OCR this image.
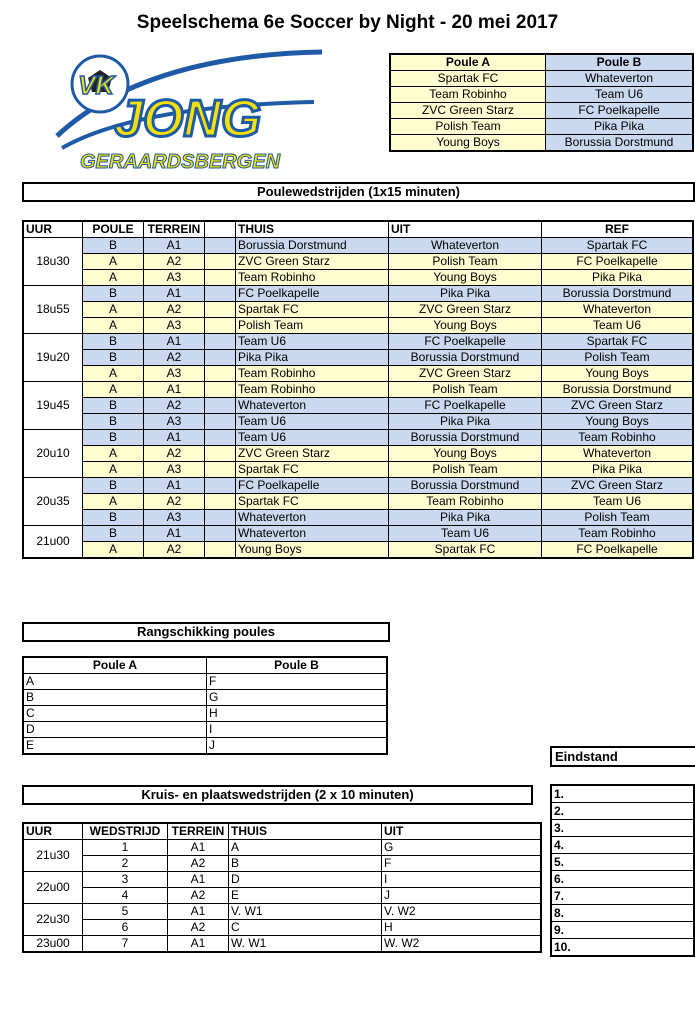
Speelschema 6e Soccer by Night - 20 mei 2017
VK
JONG
GERAARDSBERGEN
Poule A	Poule B
Spartak FC	Whateverton
Team Robinho	Team U6
ZVC Green Starz	FC Poelkapelle
Polish Team	Pika Pika
Young Boys	Borussia Dorstmund
Poulewedstrijden (1x15 minuten)
UUR	POULE	TERREIN		THUIS	UIT	REF
18u30	B	A1		Borussia Dorstmund	Whateverton	Spartak FC
	A	A2		ZVC Green Starz	Polish Team	FC Poelkapelle
	A	A3		Team Robinho	Young Boys	Pika Pika
18u55	B	A1		FC Poelkapelle	Pika Pika	Borussia Dorstmund
	A	A2		Spartak FC	ZVC Green Starz	Whateverton
	A	A3		Polish Team	Young Boys	Team U6
19u20	B	A1		Team U6	FC Poelkapelle	Spartak FC
	B	A2		Pika Pika	Borussia Dorstmund	Polish Team
	A	A3		Team Robinho	ZVC Green Starz	Young Boys
19u45	A	A1		Team Robinho	Polish Team	Borussia Dorstmund
	B	A2		Whateverton	FC Poelkapelle	ZVC Green Starz
	B	A3		Team U6	Pika Pika	Young Boys
20u10	B	A1		Team U6	Borussia Dorstmund	Team Robinho
	A	A2		ZVC Green Starz	Young Boys	Whateverton
	A	A3		Spartak FC	Polish Team	Pika Pika
20u35	B	A1		FC Poelkapelle	Borussia Dorstmund	ZVC Green Starz
	A	A2		Spartak FC	Team Robinho	Team U6
	B	A3		Whateverton	Pika Pika	Polish Team
21u00	B	A1		Whateverton	Team U6	Team Robinho
	A	A2		Young Boys	Spartak FC	FC Poelkapelle
Rangschikking poules
Poule A	Poule B
A	F
B	G
C	H
D	I
E	J
Eindstand
1.
2.
3.
4.
5.
6.
7.
8.
9.
10.
Kruis- en plaatswedstrijden (2 x 10 minuten)
UUR	WEDSTRIJD	TERREIN	THUIS	UIT
21u30	1	A1	A	G
	2	A2	B	F
22u00	3	A1	D	I
	4	A2	E	J
22u30	5	A1	V. W1	V. W2
	6	A2	C	H
23u00	7	A1	W. W1	W. W2
